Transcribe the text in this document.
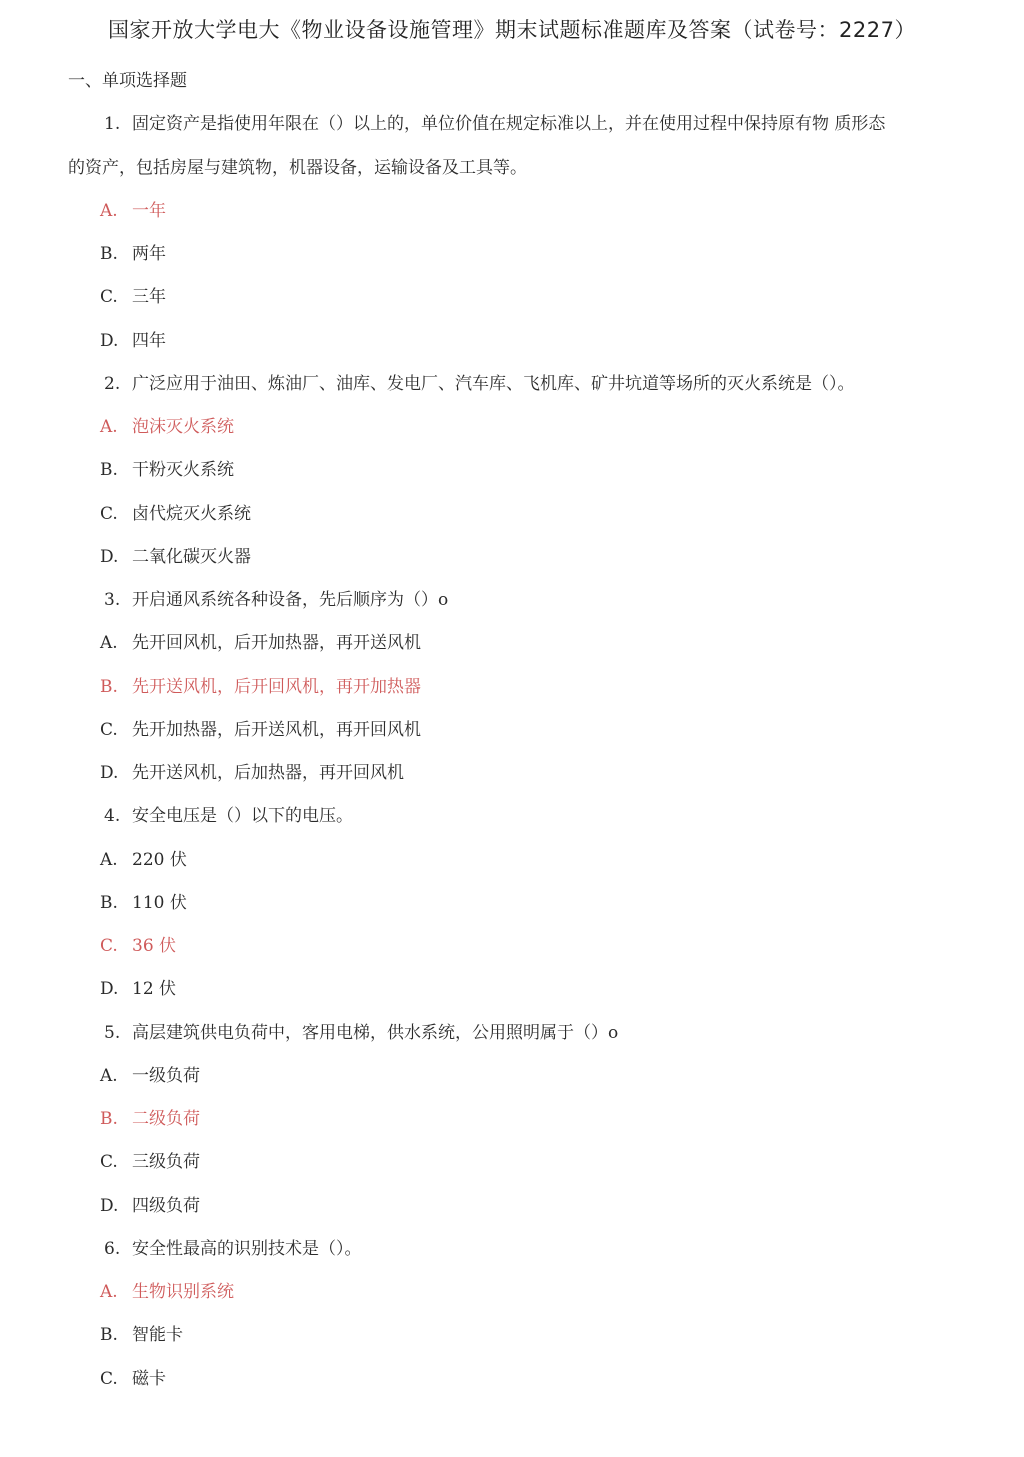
国家开放大学电大《物业设备设施管理》期末试题标准题库及答案（试卷号：2227）
一、单项选择题
1. 固定资产是指使用年限在（）以上的，单位价值在规定标准以上，并在使用过程中保持原有物 质形态
的资产，包括房屋与建筑物，机器设备，运输设备及工具等。
A. 一年
B. 两年
C. 三年
D. 四年
2. 广泛应用于油田、炼油厂、油库、发电厂、汽车库、飞机库、矿井坑道等场所的灭火系统是（）。
A. 泡沫灭火系统
B. 干粉灭火系统
C. 卤代烷灭火系统
D. 二氧化碳灭火器
3. 开启通风系统各种设备，先后顺序为（）o
A. 先开回风机，后开加热器，再开送风机
B. 先开送风机，后开回风机，再开加热器
C. 先开加热器，后开送风机，再开回风机
D. 先开送风机，后加热器，再开回风机
4. 安全电压是（）以下的电压。
A. 220 伏
B. 110 伏
C. 36 伏
D. 12 伏
5. 高层建筑供电负荷中，客用电梯，供水系统，公用照明属于（）o
A. 一级负荷
B. 二级负荷
C. 三级负荷
D. 四级负荷
6. 安全性最高的识别技术是（）。
A. 生物识别系统
B. 智能卡
C. 磁卡
